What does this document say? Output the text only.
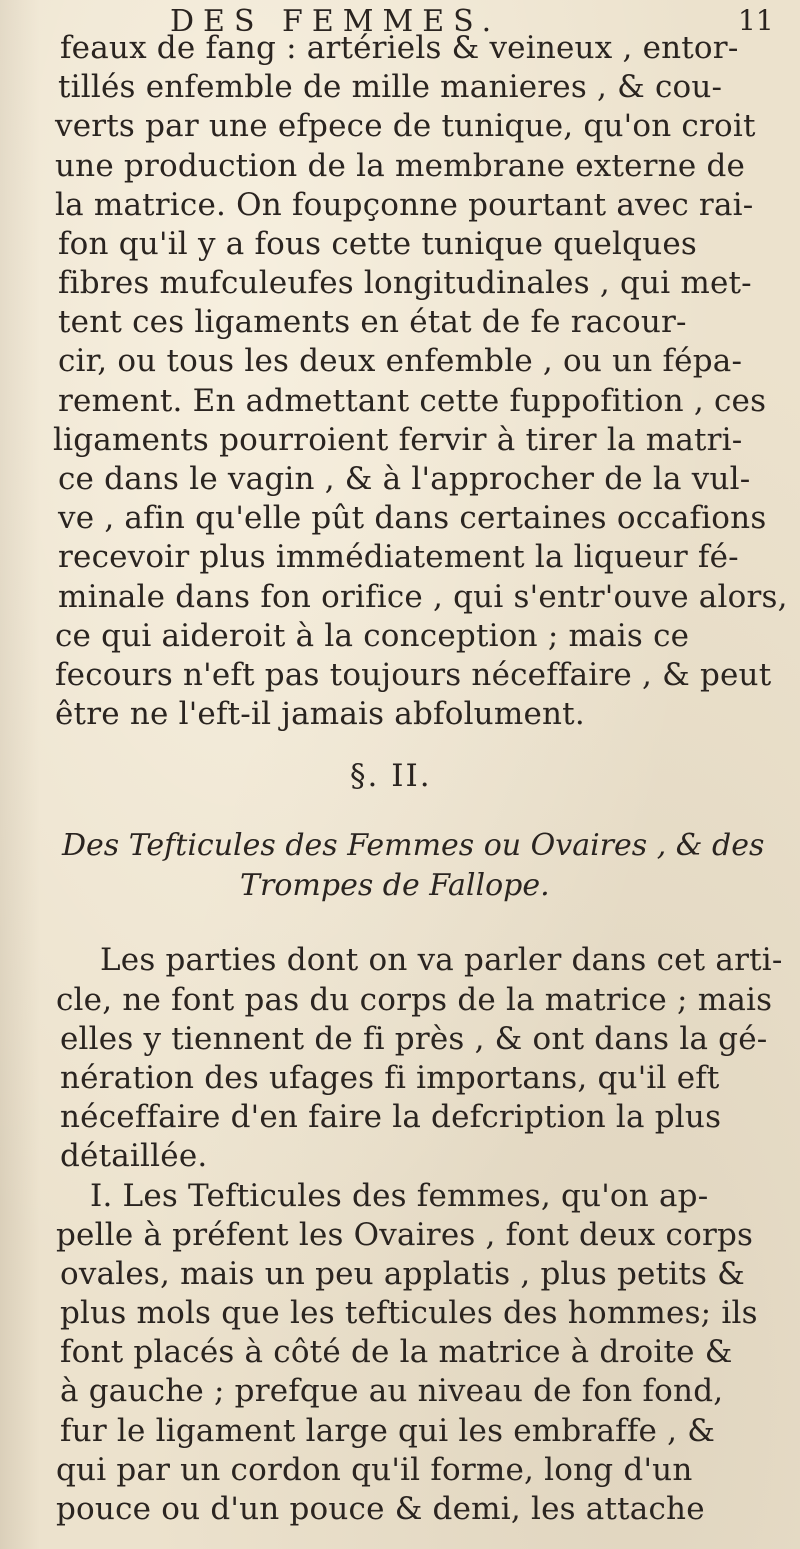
DES FEMMES.	11
feaux de fang : artériels & veineux , entor-
tillés enfemble de mille manieres , & cou-
verts par une efpece de tunique, qu'on croit
une production de la membrane externe de
la matrice. On foupçonne pourtant avec rai-
fon qu'il y a fous cette tunique quelques
fibres mufculeufes longitudinales , qui met-
tent ces ligaments en état de fe racour-
cir, ou tous les deux enfemble , ou un fépa-
rement. En admettant cette fuppofition , ces
ligaments pourroient fervir à tirer la matri-
ce dans le vagin , & à l'approcher de la vul-
ve , afin qu'elle pût dans certaines occafions
recevoir plus immédiatement la liqueur fé-
minale dans fon orifice , qui s'entr'ouve alors,
ce qui aideroit à la conception ; mais ce
fecours n'eft pas toujours néceffaire , & peut
être ne l'eft-il jamais abfolument.
§. II.
Des Tefticules des Femmes ou Ovaires , & des
Trompes de Fallope.
Les parties dont on va parler dans cet arti-
cle, ne font pas du corps de la matrice ; mais
elles y tiennent de fi près , & ont dans la gé-
nération des ufages fi importans, qu'il eft
néceffaire d'en faire la defcription la plus
détaillée.
I. Les Tefticules des femmes, qu'on ap-
pelle à préfent les Ovaires , font deux corps
ovales, mais un peu applatis , plus petits &
plus mols que les tefticules des hommes; ils
font placés à côté de la matrice à droite &
à gauche ; prefque au niveau de fon fond,
fur le ligament large qui les embraffe , &
qui par un cordon qu'il forme, long d'un
pouce ou d'un pouce & demi, les attache
